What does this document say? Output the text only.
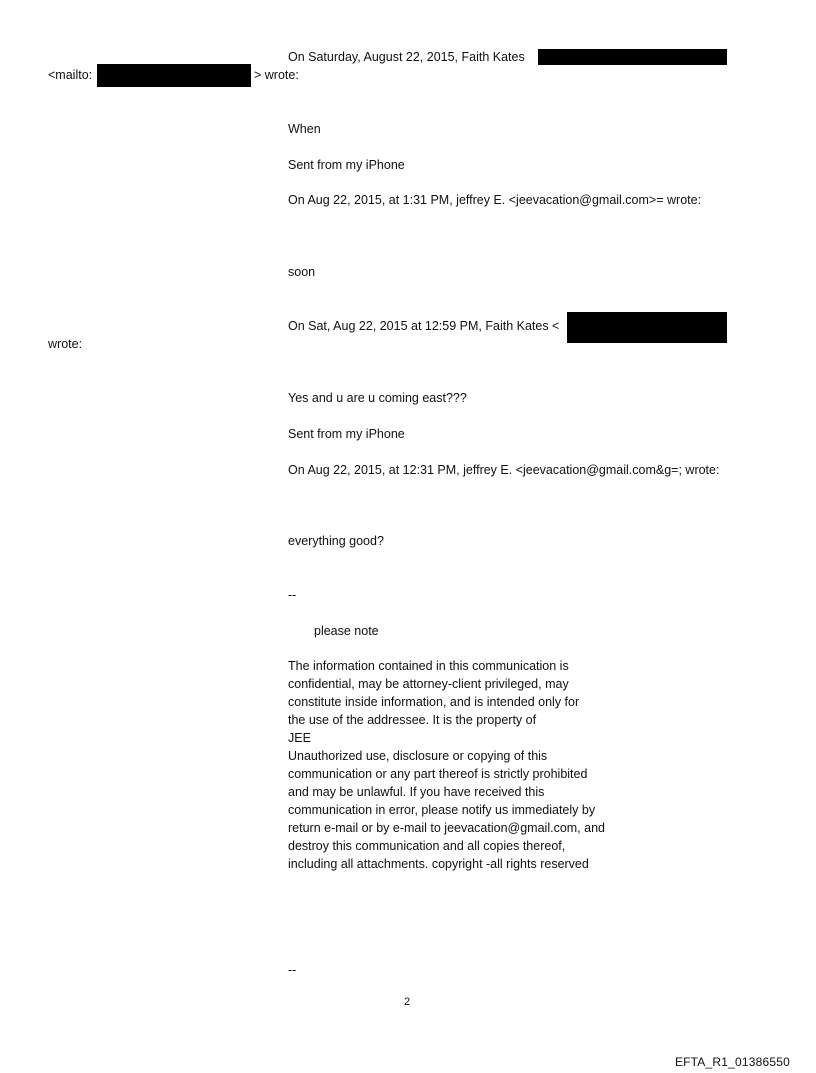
On Saturday, August 22, 2015, Faith Kates
<mailto:	> wrote:
When
Sent from my iPhone
On Aug 22, 2015, at 1:31 PM, jeffrey E. <jeevacation@gmail.com>= wrote:
soon
On Sat, Aug 22, 2015 at 12:59 PM, Faith Kates <
wrote:
Yes and u are u coming east???
Sent from my iPhone
On Aug 22, 2015, at 12:31 PM, jeffrey E. <jeevacation@gmail.com&g=; wrote:
everything good?
--
please note
The information contained in this communication is
confidential, may be attorney-client privileged, may
constitute inside information, and is intended only for
the use of the addressee. It is the property of
JEE
Unauthorized use, disclosure or copying of this
communication or any part thereof is strictly prohibited
and may be unlawful. If you have received this
communication in error, please notify us immediately by
return e-mail or by e-mail to jeevacation@gmail.com, and
destroy this communication and all copies thereof,
including all attachments. copyright -all rights reserved
--
2
EFTA_R1_01386550
